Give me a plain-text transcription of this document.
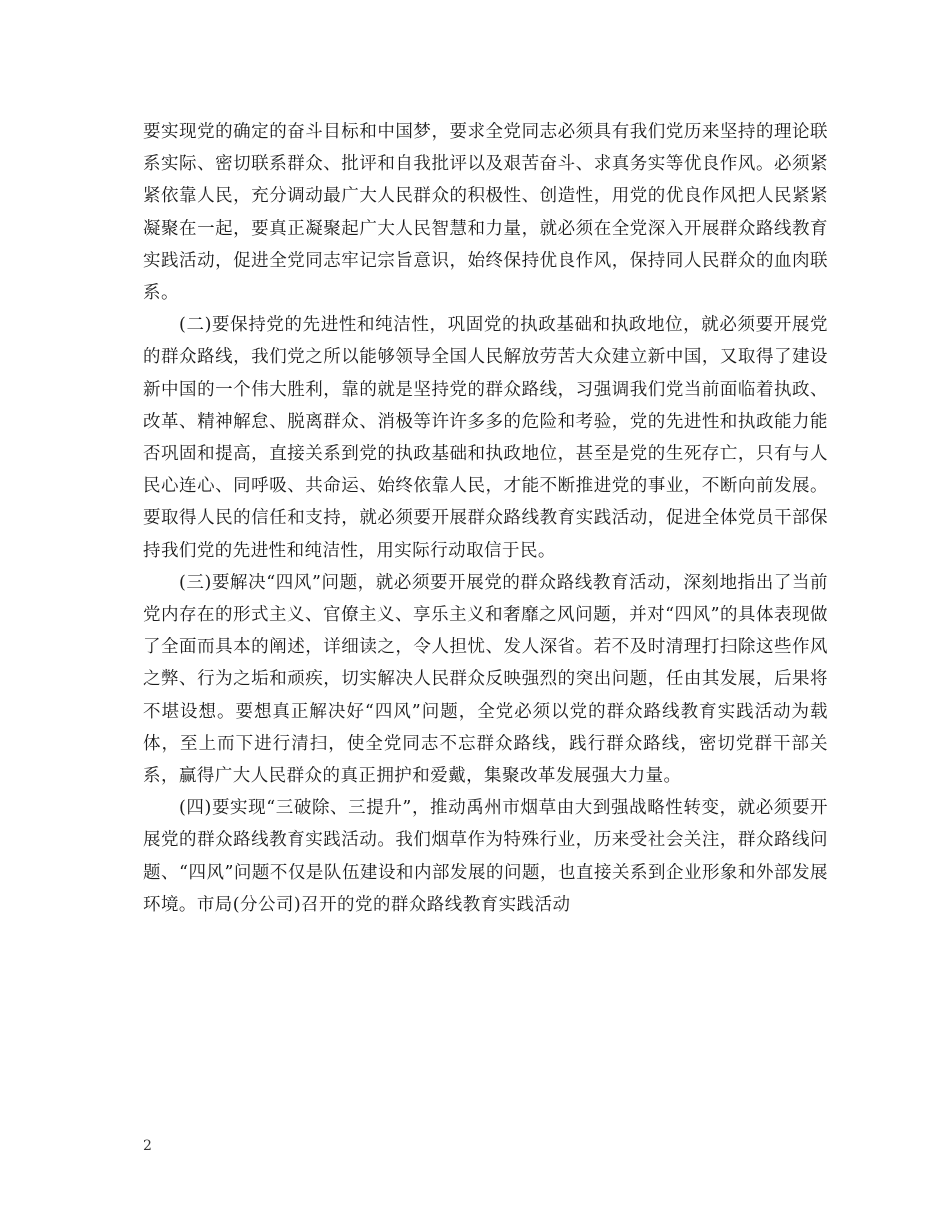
要实现党的确定的奋斗目标和中国梦，要求全党同志必须具有我们党历来坚持的理论联系实际、密切联系群众、批评和自我批评以及艰苦奋斗、求真务实等优良作风。必须紧紧依靠人民，充分调动最广大人民群众的积极性、创造性，用党的优良作风把人民紧紧凝聚在一起，要真正凝聚起广大人民智慧和力量，就必须在全党深入开展群众路线教育实践活动，促进全党同志牢记宗旨意识，始终保持优良作风，保持同人民群众的血肉联系。

(二)要保持党的先进性和纯洁性，巩固党的执政基础和执政地位，就必须要开展党的群众路线，我们党之所以能够领导全国人民解放劳苦大众建立新中国，又取得了建设新中国的一个伟大胜利，靠的就是坚持党的群众路线，习强调我们党当前面临着执政、改革、精神解怠、脱离群众、消极等许许多多的危险和考验，党的先进性和执政能力能否巩固和提高，直接关系到党的执政基础和执政地位，甚至是党的生死存亡，只有与人民心连心、同呼吸、共命运、始终依靠人民，才能不断推进党的事业，不断向前发展。要取得人民的信任和支持，就必须要开展群众路线教育实践活动，促进全体党员干部保持我们党的先进性和纯洁性，用实际行动取信于民。

(三)要解决“四风”问题，就必须要开展党的群众路线教育活动，深刻地指出了当前党内存在的形式主义、官僚主义、享乐主义和奢靡之风问题，并对“四风”的具体表现做了全面而具本的阐述，详细读之，令人担忧、发人深省。若不及时清理打扫除这些作风之弊、行为之垢和顽疾，切实解决人民群众反映强烈的突出问题，任由其发展，后果将不堪设想。要想真正解决好“四风”问题，全党必须以党的群众路线教育实践活动为载体，至上而下进行清扫，使全党同志不忘群众路线，践行群众路线，密切党群干部关系，赢得广大人民群众的真正拥护和爱戴，集聚改革发展强大力量。

(四)要实现“三破除、三提升”，推动禹州市烟草由大到强战略性转变，就必须要开展党的群众路线教育实践活动。我们烟草作为特殊行业，历来受社会关注，群众路线问题、“四风”问题不仅是队伍建设和内部发展的问题，也直接关系到企业形象和外部发展环境。市局(分公司)召开的党的群众路线教育实践活动

2
